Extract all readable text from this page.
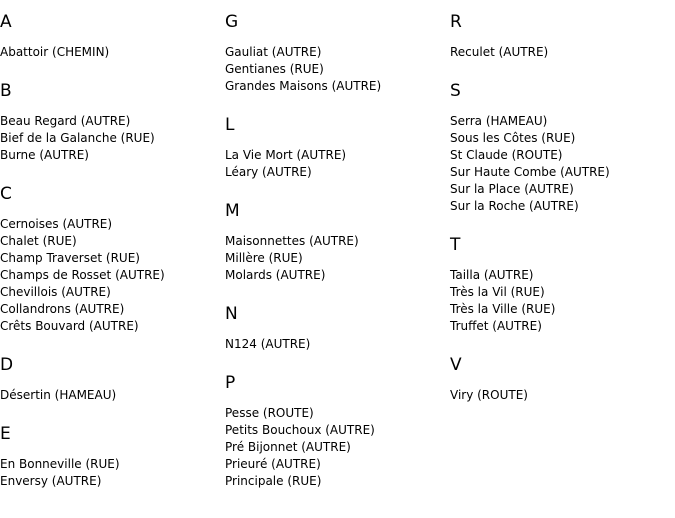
A
Abattoir (CHEMIN)
B
Beau Regard (AUTRE)
Bief de la Galanche (RUE)
Burne (AUTRE)
C
Cernoises (AUTRE)
Chalet (RUE)
Champ Traverset (RUE)
Champs de Rosset (AUTRE)
Chevillois (AUTRE)
Collandrons (AUTRE)
Crêts Bouvard (AUTRE)
D
Désertin (HAMEAU)
E
En Bonneville (RUE)
Enversy (AUTRE)
G
Gauliat (AUTRE)
Gentianes (RUE)
Grandes Maisons (AUTRE)
L
La Vie Mort (AUTRE)
Léary (AUTRE)
M
Maisonnettes (AUTRE)
Millère (RUE)
Molards (AUTRE)
N
N124 (AUTRE)
P
Pesse (ROUTE)
Petits Bouchoux (AUTRE)
Pré Bijonnet (AUTRE)
Prieuré (AUTRE)
Principale (RUE)
R
Reculet (AUTRE)
S
Serra (HAMEAU)
Sous les Côtes (RUE)
St Claude (ROUTE)
Sur Haute Combe (AUTRE)
Sur la Place (AUTRE)
Sur la Roche (AUTRE)
T
Tailla (AUTRE)
Très la Vil (RUE)
Très la Ville (RUE)
Truffet (AUTRE)
V
Viry (ROUTE)
